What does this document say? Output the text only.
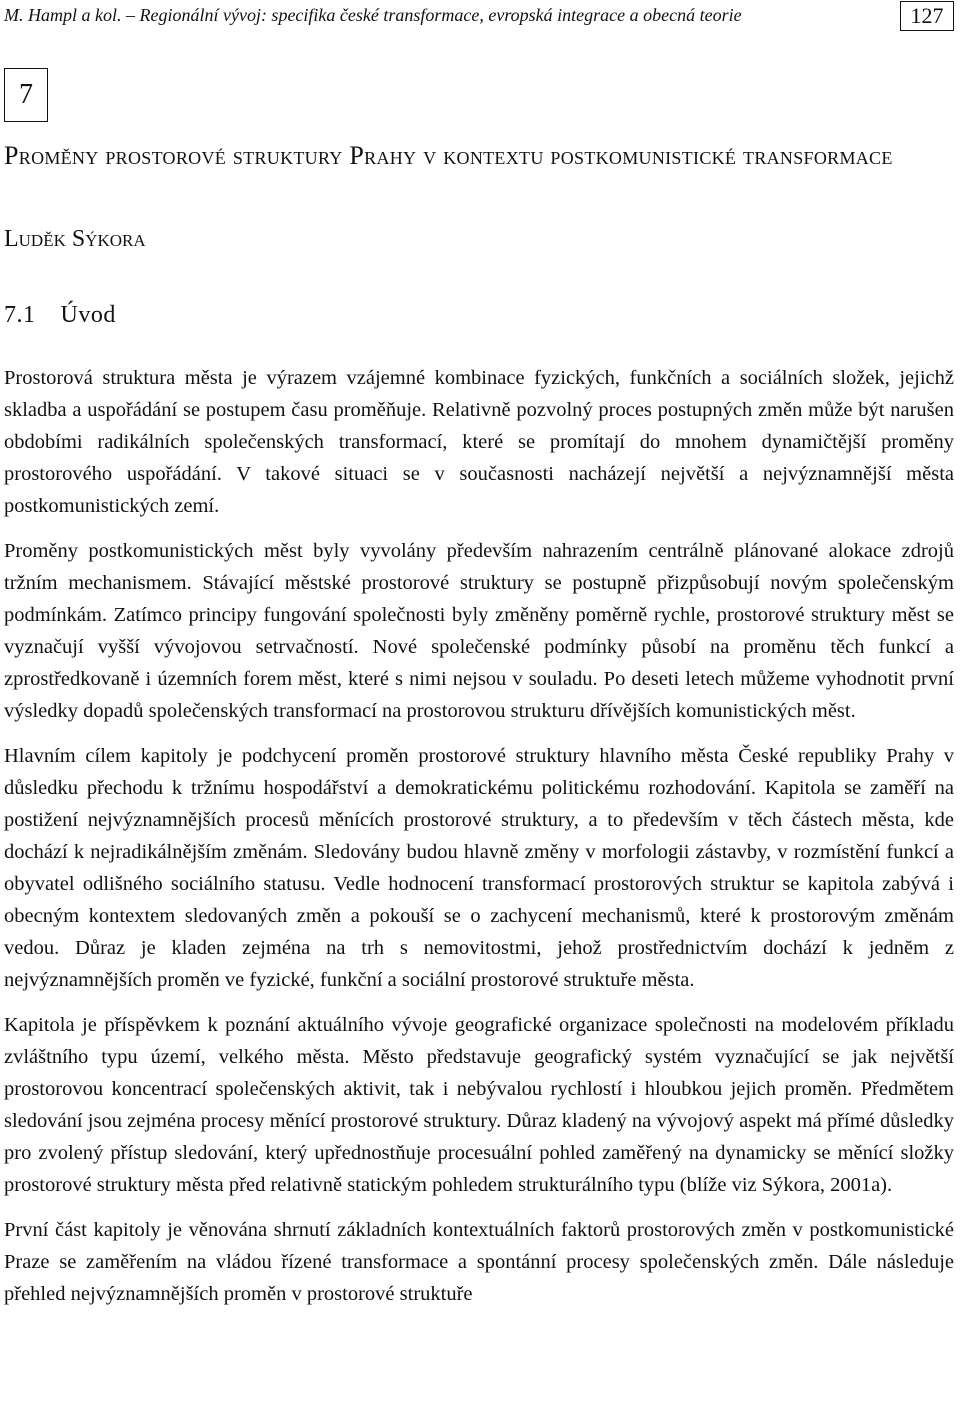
M. Hampl a kol. – Regionální vývoj: specifika české transformace, evropská integrace a obecná teorie	127
7
Proměny prostorové struktury Prahy v kontextu postkomunistické transformace
Luděk Sýkora
7.1 Úvod

Prostorová struktura města je výrazem vzájemné kombinace fyzických, funkčních a sociálních složek, jejichž skladba a uspořádání se postupem času proměňuje. Relativně pozvolný proces postupných změn může být narušen obdobími radikálních společenských transformací, které se promítají do mnohem dynamičtější proměny prostorového uspořádání. V takové situaci se v současnosti nacházejí největší a nejvýznamnější města postkomunistických zemí.

Proměny postkomunistických měst byly vyvolány především nahrazením centrálně plánované alokace zdrojů tržním mechanismem. Stávající městské prostorové struktury se postupně přizpůsobují novým společenským podmínkám. Zatímco principy fungování společnosti byly změněny poměrně rychle, prostorové struktury měst se vyznačují vyšší vývojovou setrvačností. Nové společenské podmínky působí na proměnu těch funkcí a zprostředkovaně i územních forem měst, které s nimi nejsou v souladu. Po deseti letech můžeme vyhodnotit první výsledky dopadů společenských transformací na prostorovou strukturu dřívějších komunistických měst.

Hlavním cílem kapitoly je podchycení proměn prostorové struktury hlavního města České republiky Prahy v důsledku přechodu k tržnímu hospodářství a demokratickému politickému rozhodování. Kapitola se zaměří na postižení nejvýznamnějších procesů měnících prostorové struktury, a to především v těch částech města, kde dochází k nejradikálnějším změnám. Sledovány budou hlavně změny v morfologii zástavby, v rozmístění funkcí a obyvatel odlišného sociálního statusu. Vedle hodnocení transformací prostorových struktur se kapitola zabývá i obecným kontextem sledovaných změn a pokouší se o zachycení mechanismů, které k prostorovým změnám vedou. Důraz je kladen zejména na trh s nemovitostmi, jehož prostřednictvím dochází k jednĕm z nejvýznamnějších proměn ve fyzické, funkční a sociální prostorové struktuře města.

Kapitola je příspěvkem k poznání aktuálního vývoje geografické organizace společnosti na modelovém příkladu zvláštního typu území, velkého města. Město představuje geografický systém vyznačující se jak největší prostorovou koncentrací společenských aktivit, tak i nebývalou rychlostí i hloubkou jejich proměn. Předmětem sledování jsou zejména procesy měnící prostorové struktury. Důraz kladený na vývojový aspekt má přímé důsledky pro zvolený přístup sledování, který upřednostňuje procesuální pohled zaměřený na dynamicky se měnící složky prostorové struktury města před relativně statickým pohledem strukturálního typu (blíže viz Sýkora, 2001a).

První část kapitoly je věnována shrnutí základních kontextuálních faktorů prostorových změn v postkomunistické Praze se zaměřením na vládou řízené transformace a spontánní procesy společenských změn. Dále následuje přehled nejvýznamnějších proměn v prostorové struktuře
